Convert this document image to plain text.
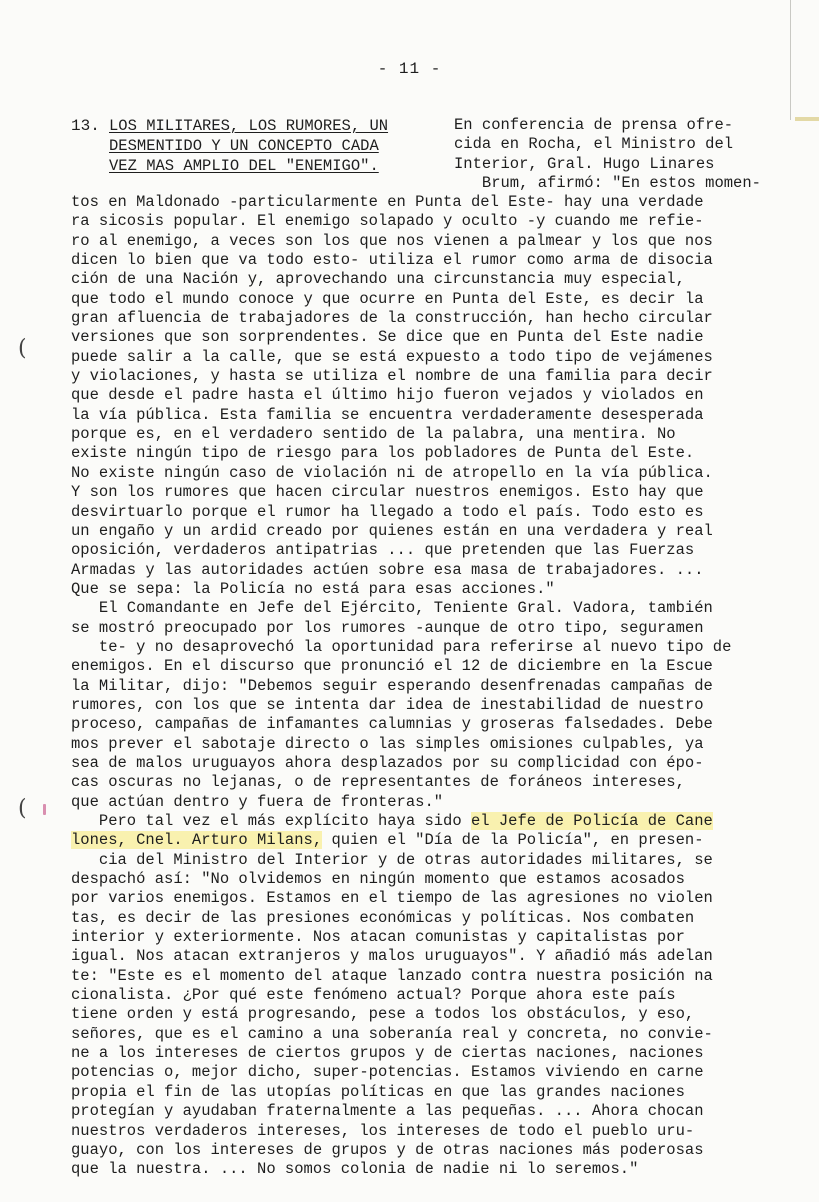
- 11 -
13. LOS MILITARES, LOS RUMORES, UN
DESMENTIDO Y UN CONCEPTO CADA
VEZ MAS AMPLIO DEL "ENEMIGO".
En conferencia de prensa ofre-
cida en Rocha, el Ministro del
Interior, Gral. Hugo Linares
Brum, afirmó: "En estos momen-
tos en Maldonado -particularmente en Punta del Este- hay una verdade
ra sicosis popular. El enemigo solapado y oculto -y cuando me refie-
ro al enemigo, a veces son los que nos vienen a palmear y los que nos
dicen lo bien que va todo esto- utiliza el rumor como arma de disocia
ción de una Nación y, aprovechando una circunstancia muy especial,
que todo el mundo conoce y que ocurre en Punta del Este, es decir la
gran afluencia de trabajadores de la construcción, han hecho circular
versiones que son sorprendentes. Se dice que en Punta del Este nadie
puede salir a la calle, que se está expuesto a todo tipo de vejámenes
y violaciones, y hasta se utiliza el nombre de una familia para decir
que desde el padre hasta el último hijo fueron vejados y violados en
la vía pública. Esta familia se encuentra verdaderamente desesperada
porque es, en el verdadero sentido de la palabra, una mentira. No
existe ningún tipo de riesgo para los pobladores de Punta del Este.
No existe ningún caso de violación ni de atropello en la vía pública.
Y son los rumores que hacen circular nuestros enemigos. Esto hay que
desvirtuarlo porque el rumor ha llegado a todo el país. Todo esto es
un engaño y un ardid creado por quienes están en una verdadera y real
oposición, verdaderos antipatrias ... que pretenden que las Fuerzas
Armadas y las autoridades actúen sobre esa masa de trabajadores. ...
Que se sepa: la Policía no está para esas acciones."
El Comandante en Jefe del Ejército, Teniente Gral. Vadora, también
se mostró preocupado por los rumores -aunque de otro tipo, seguramen
te- y no desaprovechó la oportunidad para referirse al nuevo tipo de
enemigos. En el discurso que pronunció el 12 de diciembre en la Escue
la Militar, dijo: "Debemos seguir esperando desenfrenadas campañas de
rumores, con los que se intenta dar idea de inestabilidad de nuestro
proceso, campañas de infamantes calumnias y groseras falsedades. Debe
mos prever el sabotaje directo o las simples omisiones culpables, ya
sea de malos uruguayos ahora desplazados por su complicidad con épo-
cas oscuras no lejanas, o de representantes de foráneos intereses,
que actúan dentro y fuera de fronteras."
Pero tal vez el más explícito haya sido el Jefe de Policía de Cane
lones, Cnel. Arturo Milans, quien el "Día de la Policía", en presen-
cia del Ministro del Interior y de otras autoridades militares, se
despachó así: "No olvidemos en ningún momento que estamos acosados
por varios enemigos. Estamos en el tiempo de las agresiones no violen
tas, es decir de las presiones económicas y políticas. Nos combaten
interior y exteriormente. Nos atacan comunistas y capitalistas por
igual. Nos atacan extranjeros y malos uruguayos". Y añadió más adelan
te: "Este es el momento del ataque lanzado contra nuestra posición na
cionalista. ¿Por qué este fenómeno actual? Porque ahora este país
tiene orden y está progresando, pese a todos los obstáculos, y eso,
señores, que es el camino a una soberanía real y concreta, no convie-
ne a los intereses de ciertos grupos y de ciertas naciones, naciones
potencias o, mejor dicho, super-potencias. Estamos viviendo en carne
propia el fin de las utopías políticas en que las grandes naciones
protegían y ayudaban fraternalmente a las pequeñas. ... Ahora chocan
nuestros verdaderos intereses, los intereses de todo el pueblo uru-
guayo, con los intereses de grupos y de otras naciones más poderosas
que la nuestra. ... No somos colonia de nadie ni lo seremos."
(
(
